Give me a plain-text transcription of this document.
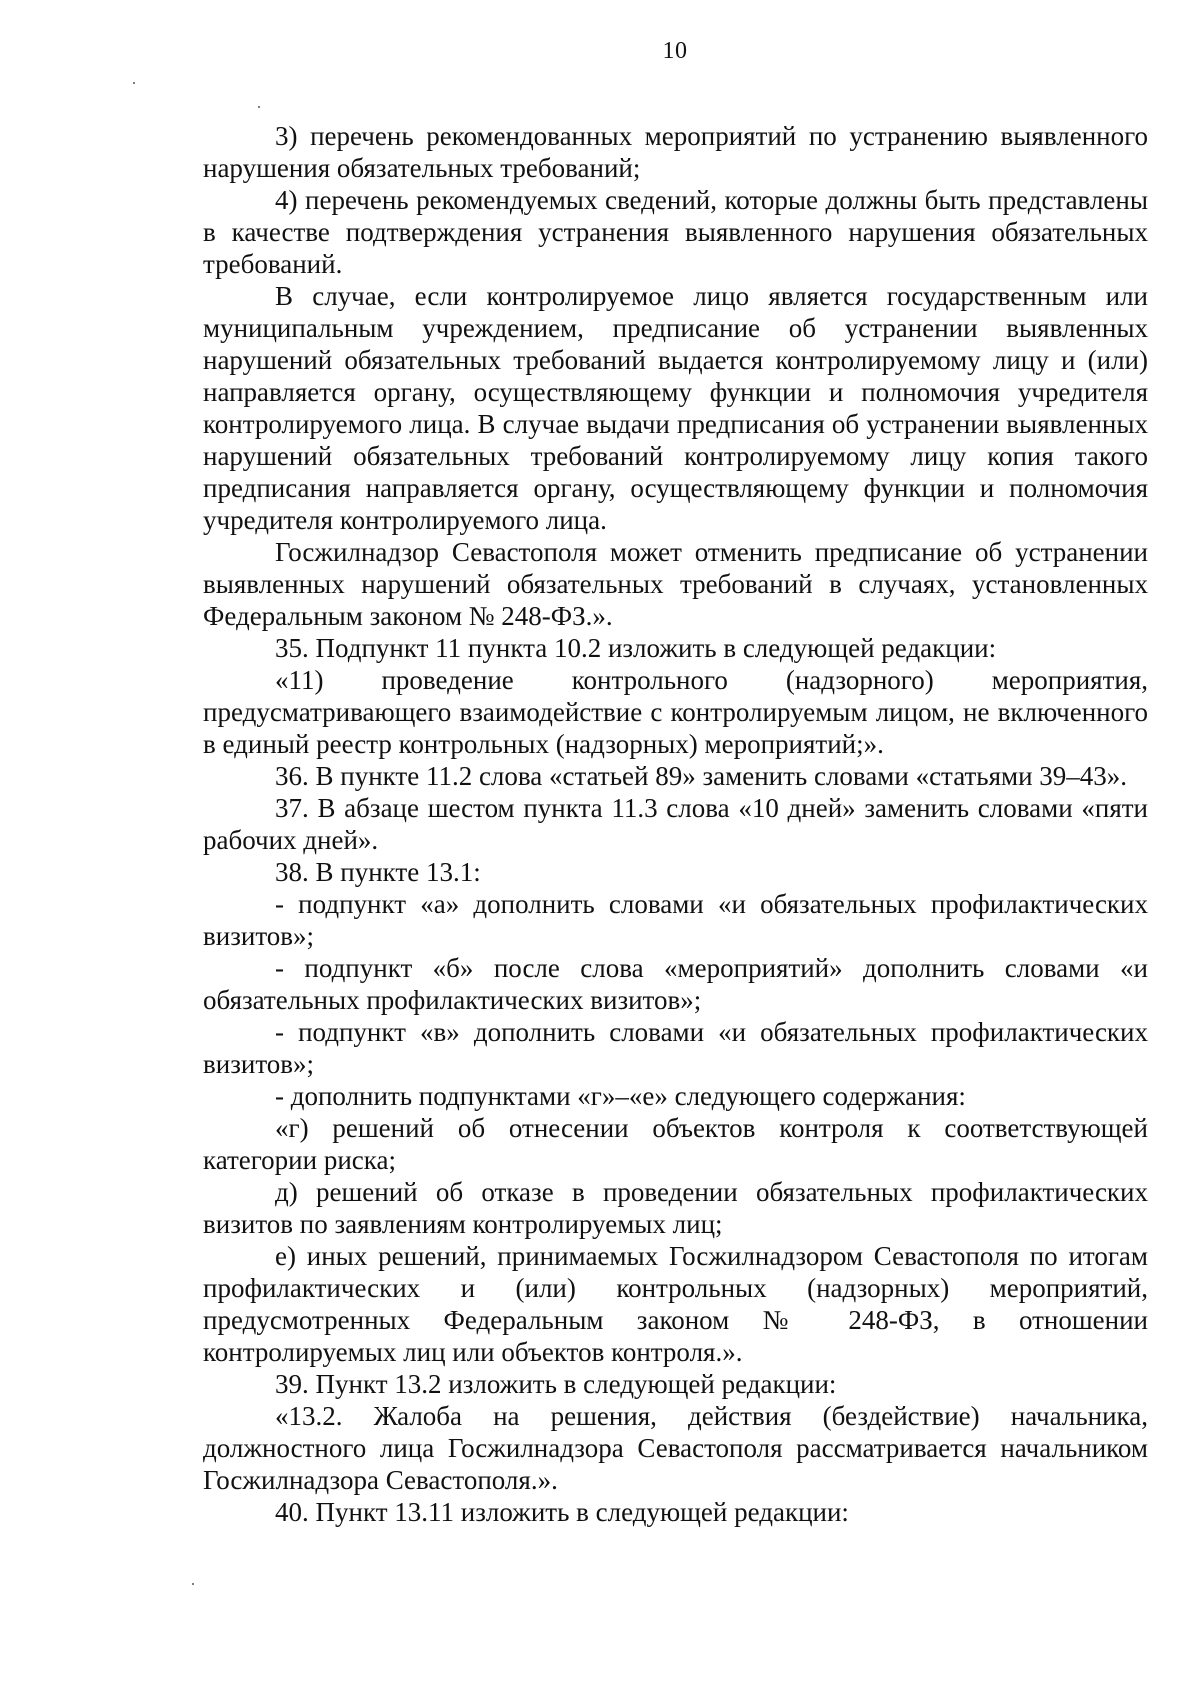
10

3) перечень рекомендованных мероприятий по устранению выявленного нарушения обязательных требований;

4) перечень рекомендуемых сведений, которые должны быть представлены в качестве подтверждения устранения выявленного нарушения обязательных требований.

В случае, если контролируемое лицо является государственным или муниципальным учреждением, предписание об устранении выявленных нарушений обязательных требований выдается контролируемому лицу и (или) направляется органу, осуществляющему функции и полномочия учредителя контролируемого лица. В случае выдачи предписания об устранении выявленных нарушений обязательных требований контролируемому лицу копия такого предписания направляется органу, осуществляющему функции и полномочия учредителя контролируемого лица.

Госжилнадзор Севастополя может отменить предписание об устранении выявленных нарушений обязательных требований в случаях, установленных Федеральным законом № 248-ФЗ.».

35. Подпункт 11 пункта 10.2 изложить в следующей редакции:

«11) проведение контрольного (надзорного) мероприятия, предусматривающего взаимодействие с контролируемым лицом, не включенного в единый реестр контрольных (надзорных) мероприятий;».

36. В пункте 11.2 слова «статьей 89» заменить словами «статьями 39–43».

37. В абзаце шестом пункта 11.3 слова «10 дней» заменить словами «пяти рабочих дней».

38. В пункте 13.1:

- подпункт «а» дополнить словами «и обязательных профилактических визитов»;

- подпункт «б» после слова «мероприятий» дополнить словами «и обязательных профилактических визитов»;

- подпункт «в» дополнить словами «и обязательных профилактических визитов»;

- дополнить подпунктами «г»–«е» следующего содержания:

«г) решений об отнесении объектов контроля к соответствующей категории риска;

д) решений об отказе в проведении обязательных профилактических визитов по заявлениям контролируемых лиц;

е) иных решений, принимаемых Госжилнадзором Севастополя по итогам профилактических и (или) контрольных (надзорных) мероприятий, предусмотренных Федеральным законом № 248-ФЗ, в отношении контролируемых лиц или объектов контроля.».

39. Пункт 13.2 изложить в следующей редакции:

«13.2. Жалоба на решения, действия (бездействие) начальника, должностного лица Госжилнадзора Севастополя рассматривается начальником Госжилнадзора Севастополя.».

40. Пункт 13.11 изложить в следующей редакции:
